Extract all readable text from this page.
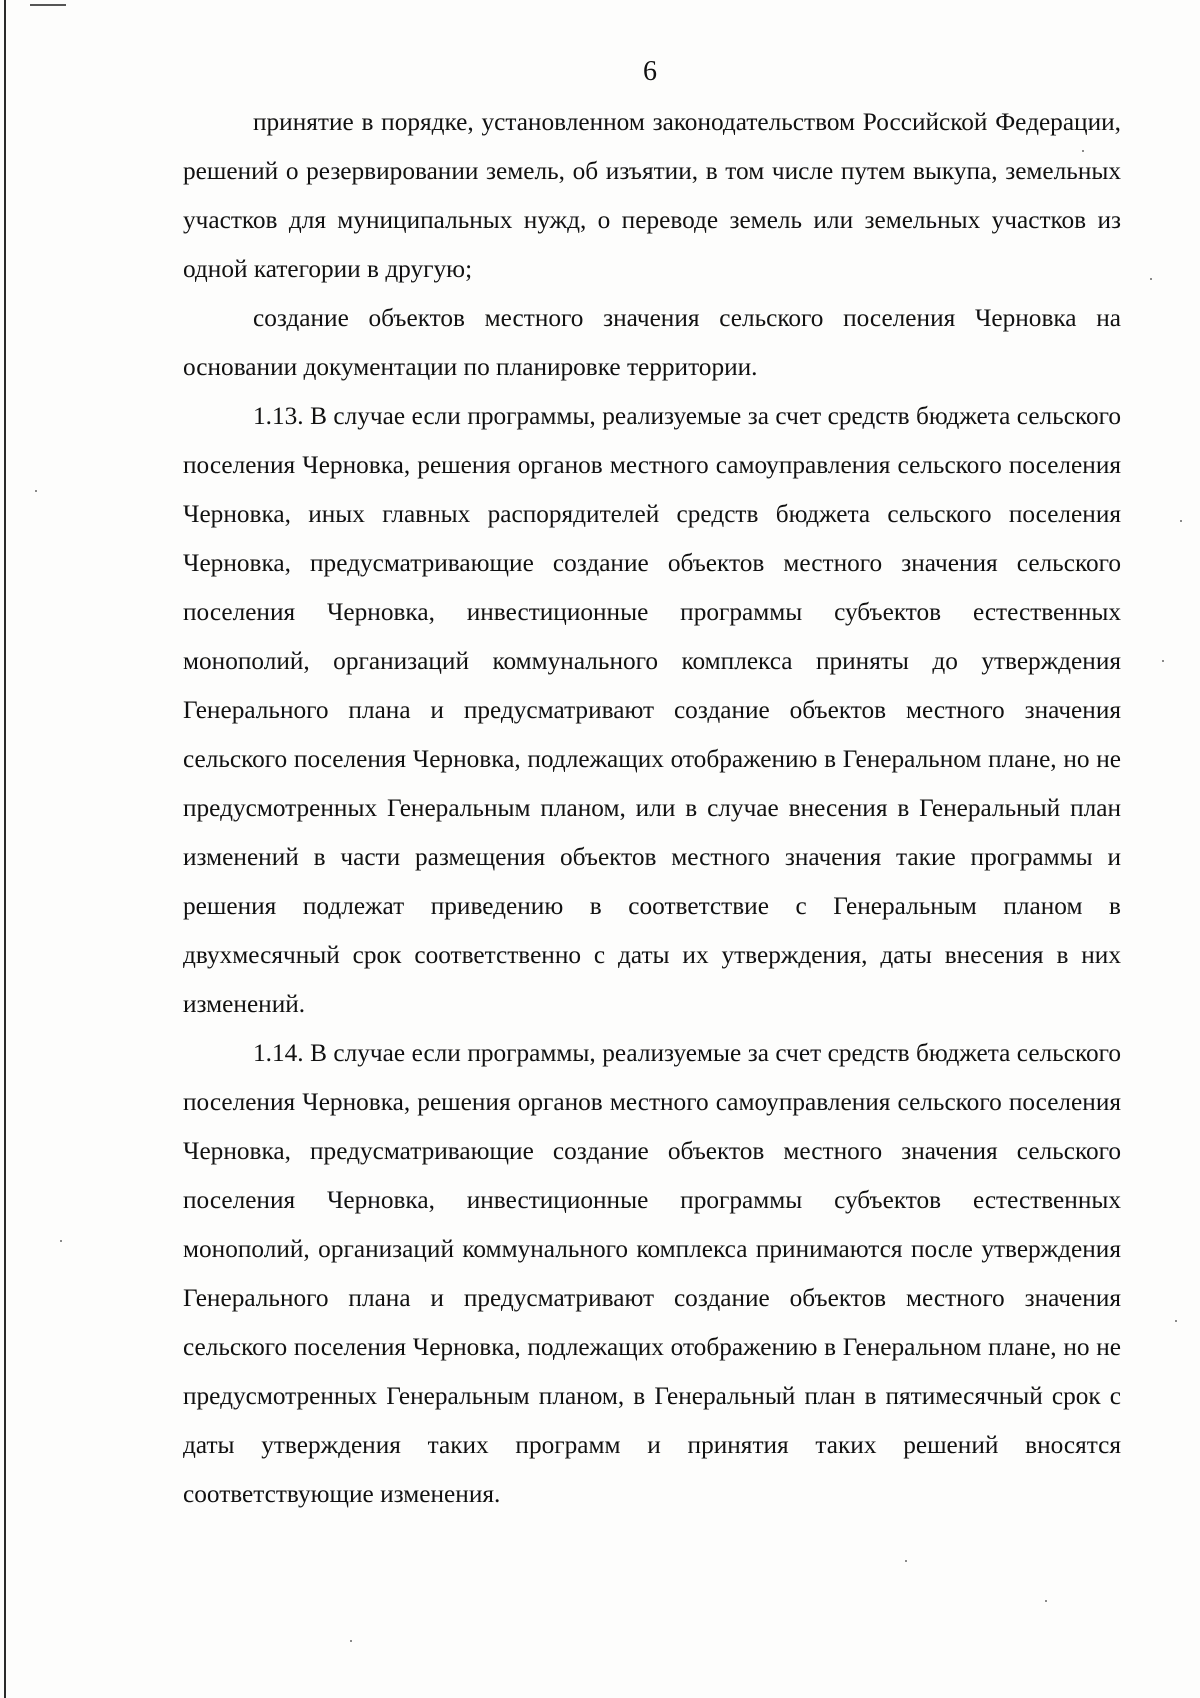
6

принятие в порядке, установленном законодательством Российской Федерации, решений о резервировании земель, об изъятии, в том числе путем выкупа, земельных участков для муниципальных нужд, о переводе земель или земельных участков из одной категории в другую;

создание объектов местного значения сельского поселения Черновка на основании документации по планировке территории.

1.13. В случае если программы, реализуемые за счет средств бюджета сельского поселения Черновка, решения органов местного самоуправления сельского поселения Черновка, иных главных распорядителей средств бюджета сельского поселения Черновка, предусматривающие создание объектов местного значения сельского поселения Черновка, инвестиционные программы субъектов естественных монополий, организаций коммунального комплекса приняты до утверждения Генерального плана и предусматривают создание объектов местного значения сельского поселения Черновка, подлежащих отображению в Генеральном плане, но не предусмотренных Генеральным планом, или в случае внесения в Генеральный план изменений в части размещения объектов местного значения такие программы и решения подлежат приведению в соответствие с Генеральным планом в двухмесячный срок соответственно с даты их утверждения, даты внесения в них изменений.

1.14. В случае если программы, реализуемые за счет средств бюджета сельского поселения Черновка, решения органов местного самоуправления сельского поселения Черновка, предусматривающие создание объектов местного значения сельского поселения Черновка, инвестиционные программы субъектов естественных монополий, организаций коммунального комплекса принимаются после утверждения Генерального плана и предусматривают создание объектов местного значения сельского поселения Черновка, подлежащих отображению в Генеральном плане, но не предусмотренных Генеральным планом, в Генеральный план в пятимесячный срок с даты утверждения таких программ и принятия таких решений вносятся соответствующие изменения.
